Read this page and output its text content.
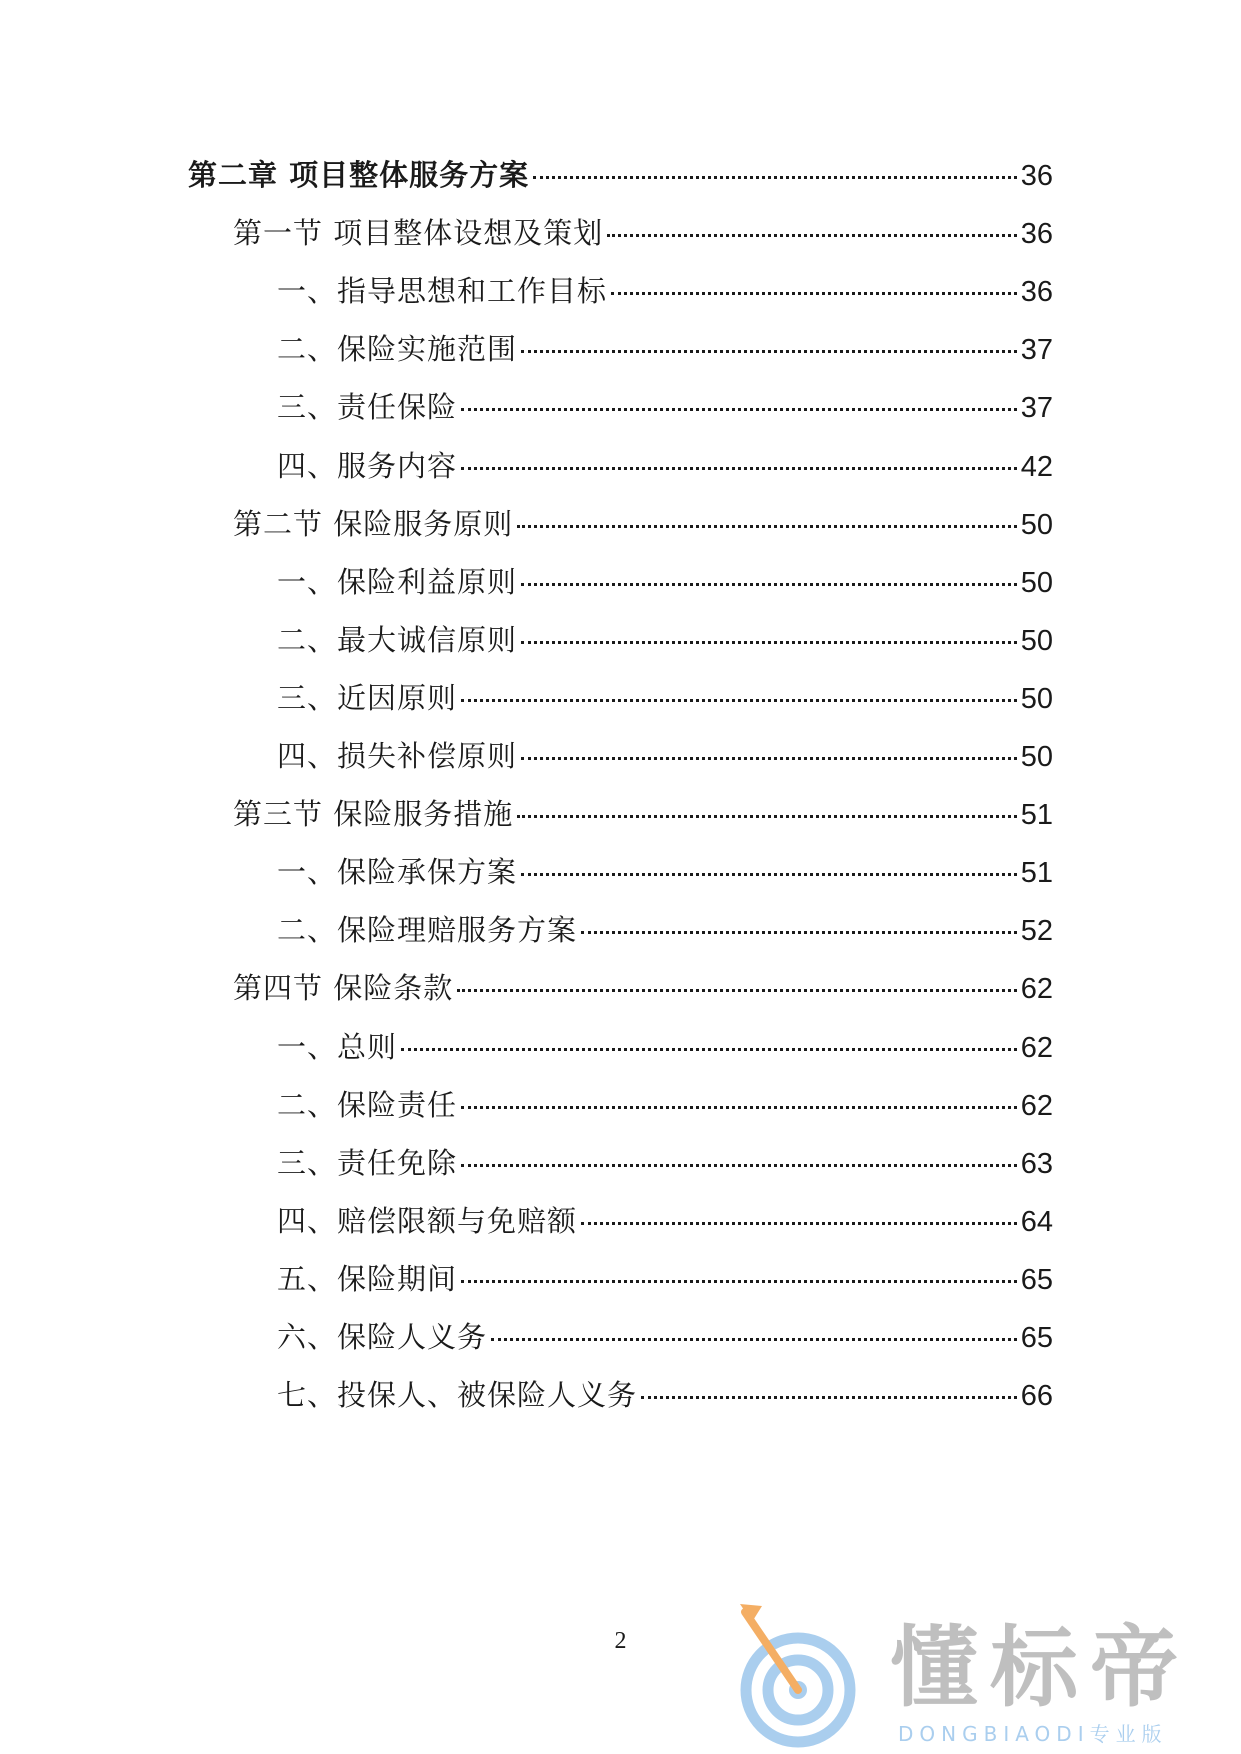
第二章 项目整体服务方案	36
第一节 项目整体设想及策划	36
一、指导思想和工作目标	36
二、保险实施范围	37
三、责任保险	37
四、服务内容	42
第二节 保险服务原则	50
一、保险利益原则	50
二、最大诚信原则	50
三、近因原则	50
四、损失补偿原则	50
第三节 保险服务措施	51
一、保险承保方案	51
二、保险理赔服务方案	52
第四节 保险条款	62
一、总则	62
二、保险责任	62
三、责任免除	63
四、赔偿限额与免赔额	64
五、保险期间	65
六、保险人义务	65
七、投保人、被保险人义务	66
2	懂标帝
DONGBIAODI专业版
